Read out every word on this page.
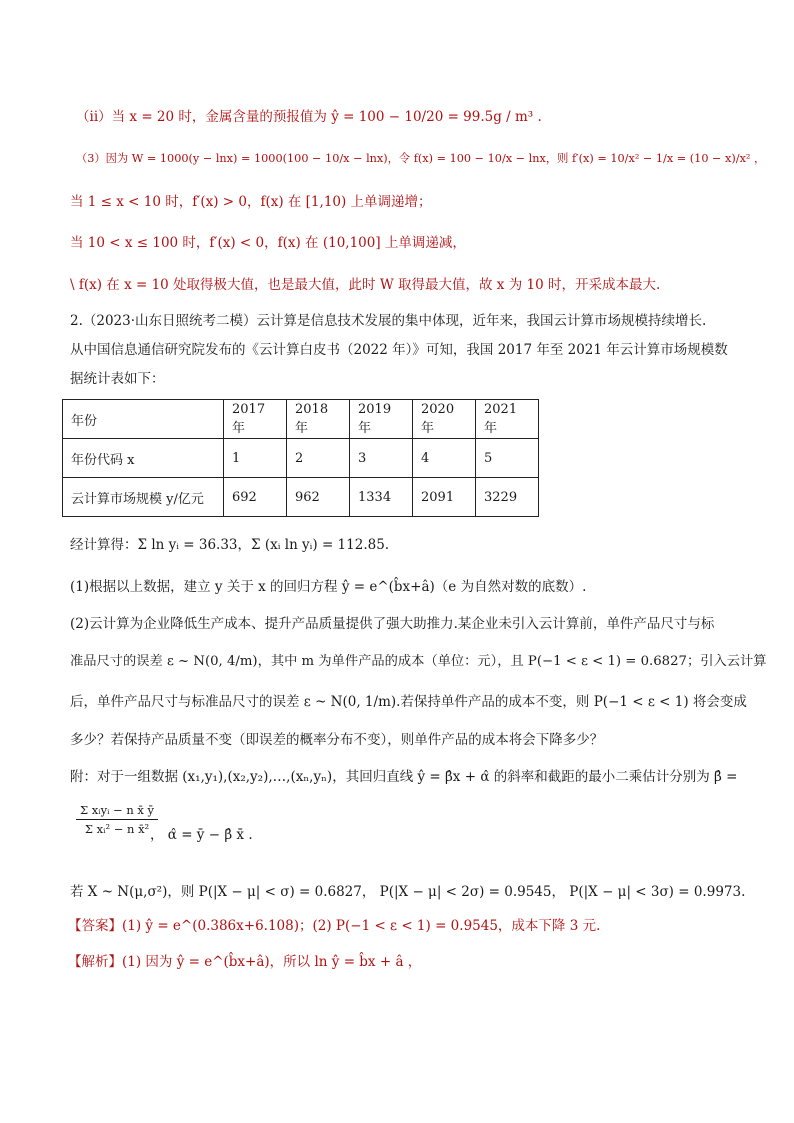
（ii）当 x = 20 时，金属含量的预报值为 ŷ = 100 − 10/20 = 99.5g / m³ .
（3）因为 W = 1000(y − lnx) = 1000(100 − 10/x − lnx)，令 f(x) = 100 − 10/x − lnx，则 f′(x) = 10/x² − 1/x = (10 − x)/x² ，
当 1 ≤ x < 10 时，f′(x) > 0，f(x) 在 [1,10) 上单调递增；
当 10 < x ≤ 100 时，f′(x) < 0，f(x) 在 (10,100] 上单调递减，
\ f(x) 在 x = 10 处取得极大值，也是最大值，此时 W 取得最大值，故 x 为 10 时，开采成本最大.
2.（2023·山东日照统考二模）云计算是信息技术发展的集中体现，近年来，我国云计算市场规模持续增长.
从中国信息通信研究院发布的《云计算白皮书（2022 年）》可知，我国 2017 年至 2021 年云计算市场规模数
据统计表如下：
年份	2017 年	2018 年	2019 年	2020 年	2021 年
年份代码 x	1	2	3	4	5
云计算市场规模 y/亿元	692	962	1334	2091	3229
经计算得：Σ ln yᵢ = 36.33，Σ (xᵢ ln yᵢ) = 112.85.
(1)根据以上数据，建立 y 关于 x 的回归方程 ŷ = e^(b̂x+â)（e 为自然对数的底数）.
(2)云计算为企业降低生产成本、提升产品质量提供了强大助推力.某企业未引入云计算前，单件产品尺寸与标
准品尺寸的误差 ε ~ N(0, 4/m)，其中 m 为单件产品的成本（单位：元），且 P(−1 < ε < 1) = 0.6827；引入云计算
后，单件产品尺寸与标准品尺寸的误差 ε ~ N(0, 1/m).若保持单件产品的成本不变，则 P(−1 < ε < 1) 将会变成
多少？若保持产品质量不变（即误差的概率分布不变），则单件产品的成本将会下降多少？
附：对于一组数据 (x₁,y₁),(x₂,y₂),…,(xₙ,yₙ)，其回归直线 ŷ = β̂x + α̂ 的斜率和截距的最小二乘估计分别为 β̂ =
Σ xᵢyᵢ − n x̄ ȳ
Σ xᵢ² − n x̄² ， α̂ = ȳ − β̂ x̄ .
若 X ~ N(μ,σ²)，则 P(|X − μ| < σ) = 0.6827， P(|X − μ| < 2σ) = 0.9545， P(|X − μ| < 3σ) = 0.9973.
【答案】(1) ŷ = e^(0.386x+6.108)；(2) P(−1 < ε < 1) = 0.9545，成本下降 3 元.
【解析】(1) 因为 ŷ = e^(b̂x+â)，所以 ln ŷ = b̂x + â ，
